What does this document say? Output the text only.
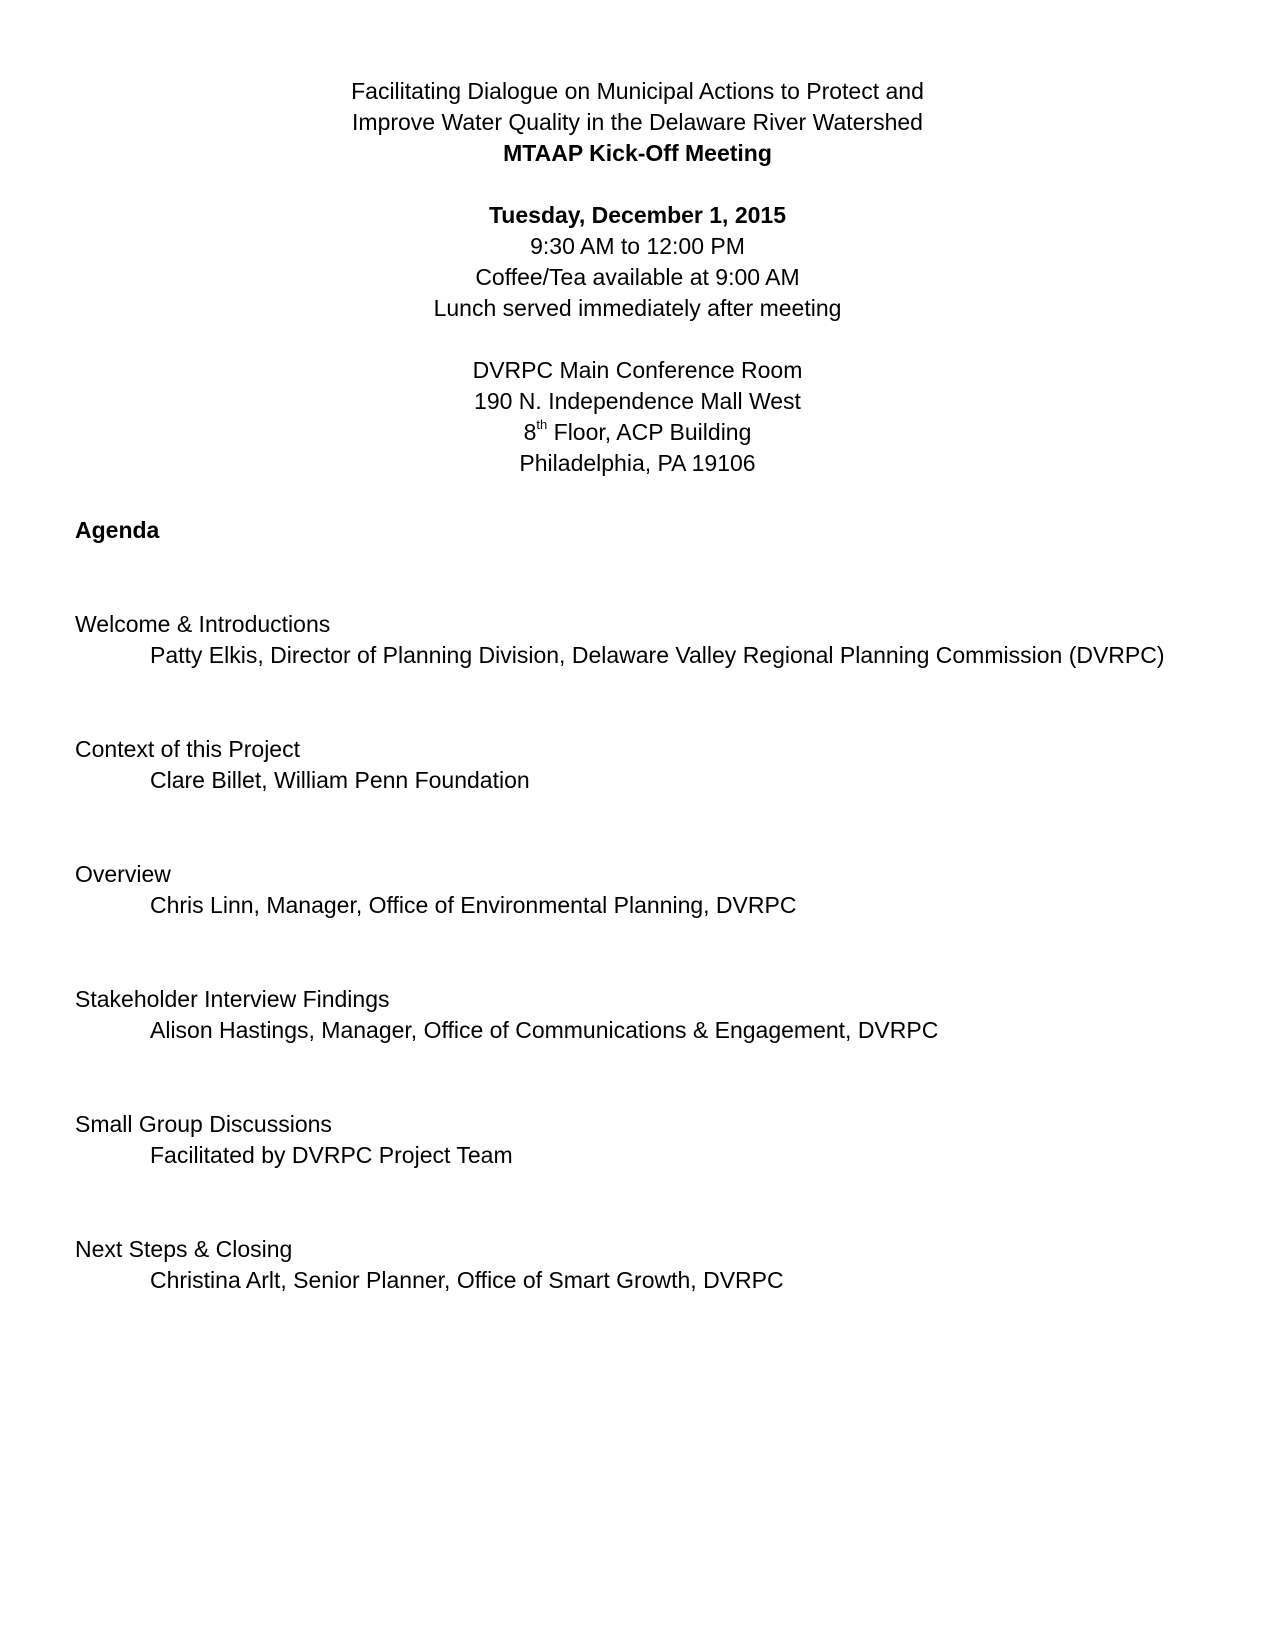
Facilitating Dialogue on Municipal Actions to Protect and
Improve Water Quality in the Delaware River Watershed
MTAAP Kick-Off Meeting
Tuesday, December 1, 2015
9:30 AM to 12:00 PM
Coffee/Tea available at 9:00 AM
Lunch served immediately after meeting
DVRPC Main Conference Room
190 N. Independence Mall West
8th Floor, ACP Building
Philadelphia, PA 19106
Agenda
Welcome & Introductions
Patty Elkis, Director of Planning Division, Delaware Valley Regional Planning Commission (DVRPC)
Context of this Project
Clare Billet, William Penn Foundation
Overview
Chris Linn, Manager, Office of Environmental Planning, DVRPC
Stakeholder Interview Findings
Alison Hastings, Manager, Office of Communications & Engagement, DVRPC
Small Group Discussions
Facilitated by DVRPC Project Team
Next Steps & Closing
Christina Arlt, Senior Planner, Office of Smart Growth, DVRPC
